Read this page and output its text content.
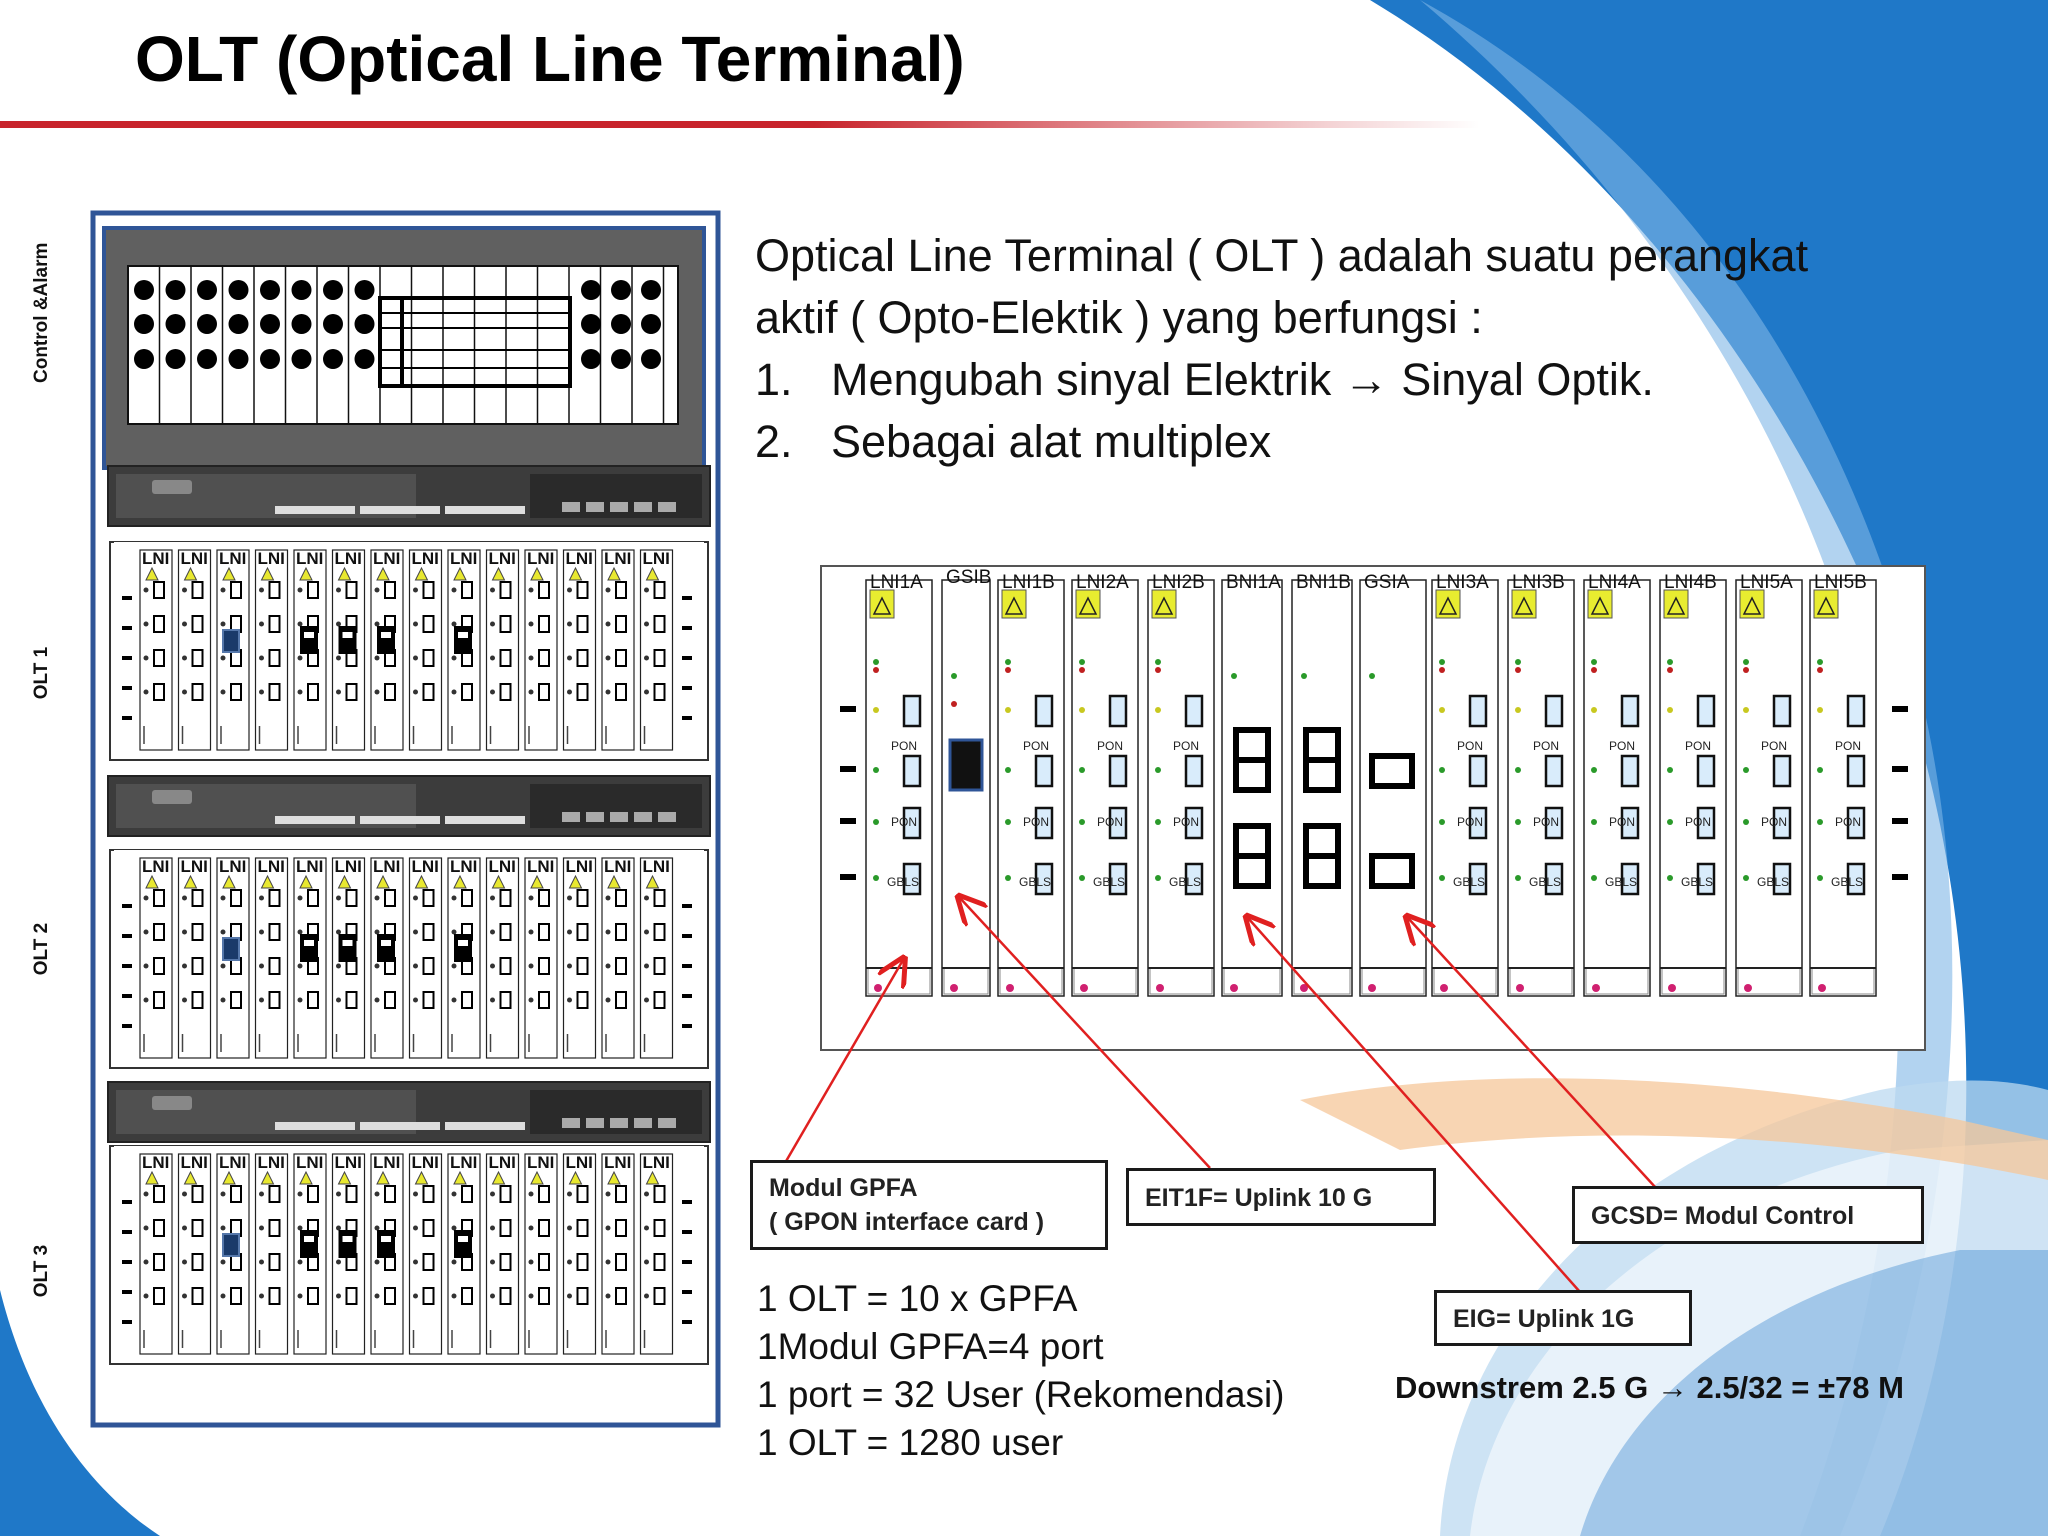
OLT (Optical Line Terminal)
Control &Alarm
OLT 1
OLT 2
OLT 3
LNI LNI LNI LNI LNI LNI LNI LNI LNI LNI LNI LNI LNI LNI
LNI LNI LNI LNI LNI LNI LNI LNI LNI LNI LNI LNI LNI LNI
LNI LNI LNI LNI LNI LNI LNI LNI LNI LNI LNI LNI LNI LNI
Optical Line Terminal ( OLT ) adalah suatu perangkat
aktif ( Opto-Elektik ) yang berfungsi :
1. Mengubah sinyal Elektrik → Sinyal Optik.
2. Sebagai alat multiplex
PON
PON
GBLS
PON
PON
GBLS
PON
PON
GBLS
PON
PON
GBLS
PON
PON
GBLS
PON
PON
GBLS
PON
PON
GBLS
PON
PON
GBLS
PON
PON
GBLS
PON
PON
GBLS
LNI1A GSIB LNI1B LNI2A LNI2B BNI1A BNI1B GSIA LNI3A LNI3B LNI4A LNI4B LNI5A LNI5B
Modul GPFA
( GPON interface card )
EIT1F= Uplink 10 G
GCSD= Modul Control
EIG= Uplink 1G
1 OLT = 10 x GPFA
1Modul GPFA=4 port
1 port = 32 User (Rekomendasi)
1 OLT = 1280 user
Downstrem 2.5 G → 2.5/32 = ±78 M
